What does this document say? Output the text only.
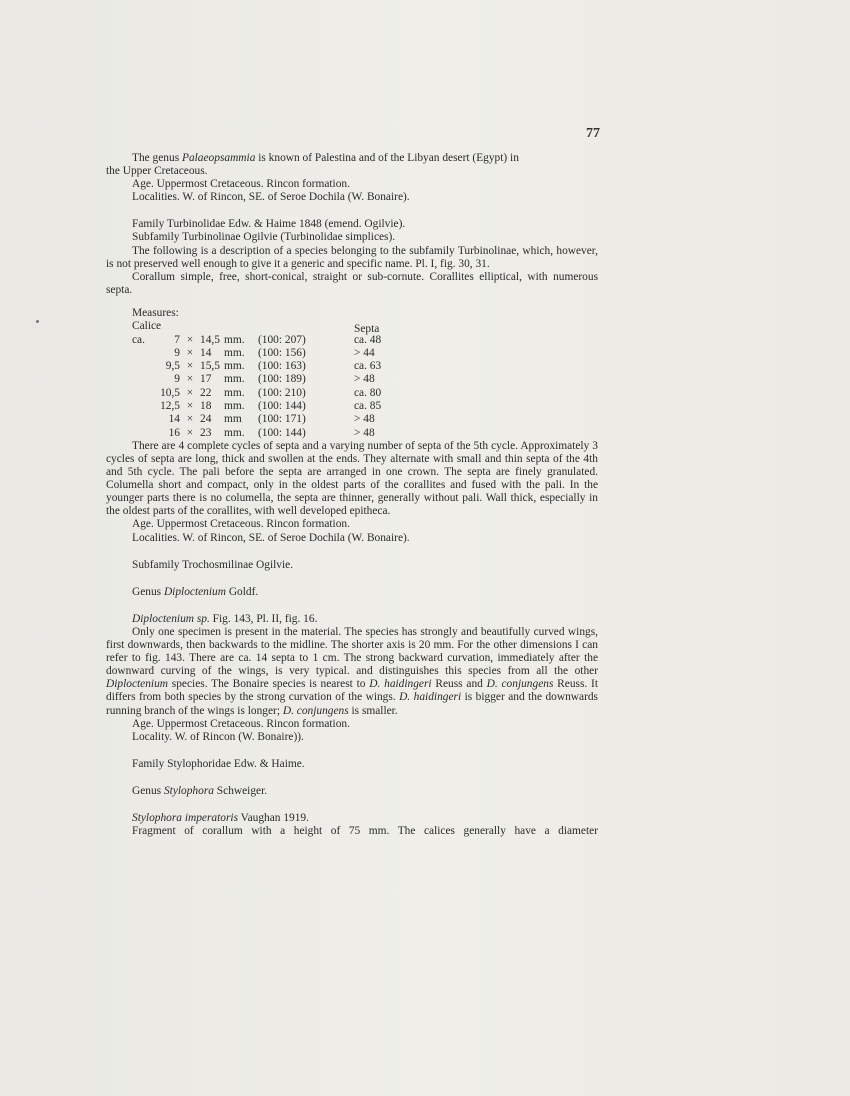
77

The genus Palaeopsammia is known of Palestina and of the Libyan desert (Egypt) in
the Upper Cretaceous.

Age. Uppermost Cretaceous. Rincon formation.

Localities. W. of Rincon, SE. of Seroe Dochila (W. Bonaire).

Family Turbinolidae Edw. & Haime 1848 (emend. Ogilvie).

Subfamily Turbinolinae Ogilvie (Turbinolidae simplices).

The following is a description of a species belonging to the subfamily Turbinolinae, which, however, is not preserved well enough to give it a generic and specific name. Pl. I, fig. 30, 31.

Corallum simple, free, short-conical, straight or sub-cornute. Corallites elliptical, with numerous septa.

Measures:
Calice	Septa
ca.	7 × 14,5 mm.	(100: 207)	ca. 48
9 × 14	mm.	(100: 156)	> 44
9,5 × 15,5 mm.	(100: 163)	ca. 63
9 × 17	mm.	(100: 189)	> 48
10,5 × 22	mm.	(100: 210)	ca. 80
12,5 × 18	mm.	(100: 144)	ca. 85
14 × 24	mm	(100: 171)	> 48
16 × 23	mm.	(100: 144)	> 48

There are 4 complete cycles of septa and a varying number of septa of the 5th cycle. Approximately 3 cycles of septa are long, thick and swollen at the ends. They alternate with small and thin septa of the 4th and 5th cycle. The pali before the septa are arranged in one crown. The septa are finely granulated. Columella short and compact, only in the oldest parts of the corallites and fused with the pali. In the younger parts there is no columella, the septa are thinner, generally without pali. Wall thick, especially in the oldest parts of the corallites, with well developed epitheca.

Age. Uppermost Cretaceous. Rincon formation.

Localities. W. of Rincon, SE. of Seroe Dochila (W. Bonaire).

Subfamily Trochosmilinae Ogilvie.

Genus Diploctenium Goldf.

Diploctenium sp. Fig. 143, Pl. II, fig. 16.

Only one specimen is present in the material. The species has strongly and beautifully curved wings, first downwards, then backwards to the midline. The shorter axis is 20 mm. For the other dimensions I can refer to fig. 143. There are ca. 14 septa to 1 cm. The strong backward curvation, immediately after the downward curving of the wings, is very typical. and distinguishes this species from all the other Diploctenium species. The Bonaire species is nearest to D. haidingeri Reuss and D. conjungens Reuss. It differs from both species by the strong curvation of the wings. D. haidingeri is bigger and the downwards running branch of the wings is longer; D. conjungens is smaller.

Age. Uppermost Cretaceous. Rincon formation.

Locality. W. of Rincon (W. Bonaire)).

Family Stylophoridae Edw. & Haime.

Genus Stylophora Schweiger.

Stylophora imperatoris Vaughan 1919.

Fragment of corallum with a height of 75 mm. The calices generally have a diameter
